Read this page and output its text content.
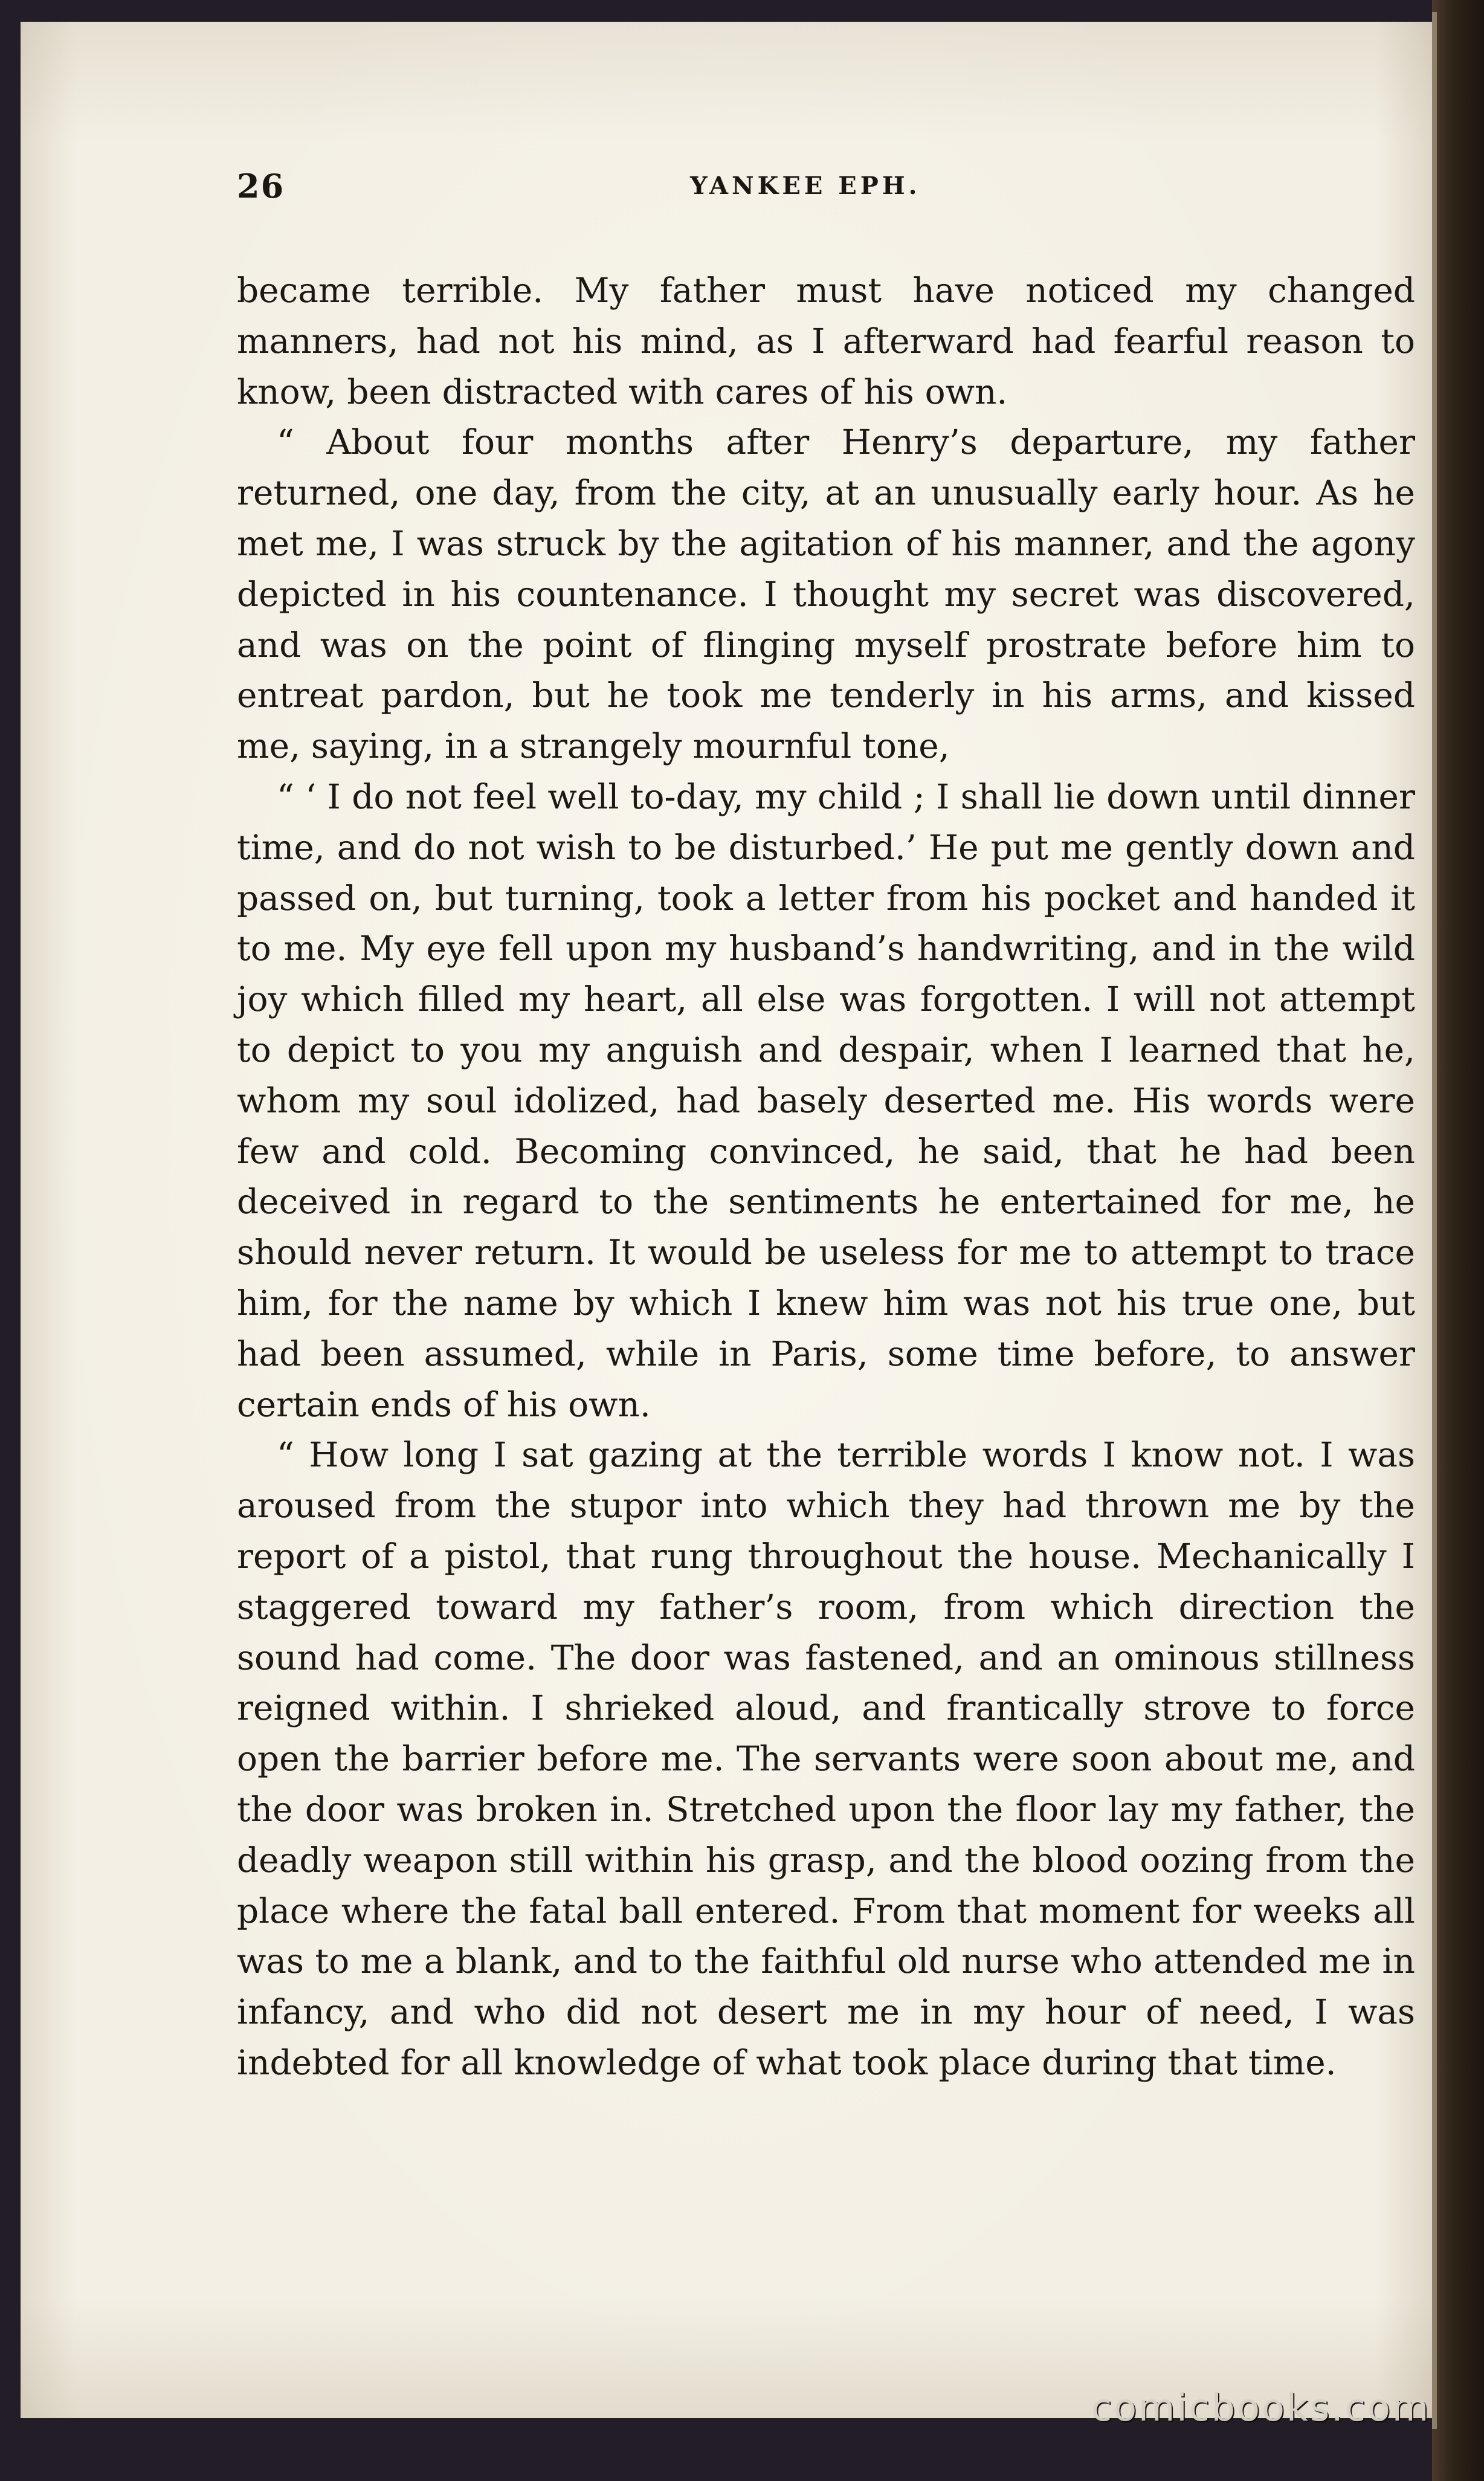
26	YANKEE EPH.

became terrible. My father must have noticed my changed manners, had not his mind, as I afterward had fearful reason to know, been distracted with cares of his own.

“ About four months after Henry’s departure, my father returned, one day, from the city, at an unusually early hour. As he met me, I was struck by the agitation of his manner, and the agony depicted in his countenance. I thought my secret was discovered, and was on the point of flinging myself prostrate before him to entreat pardon, but he took me tenderly in his arms, and kissed me, saying, in a strangely mournful tone,

“ ‘ I do not feel well to-day, my child ; I shall lie down until dinner time, and do not wish to be disturbed.’ He put me gently down and passed on, but turning, took a letter from his pocket and handed it to me. My eye fell upon my husband’s handwriting, and in the wild joy which filled my heart, all else was forgotten. I will not attempt to depict to you my anguish and despair, when I learned that he, whom my soul idolized, had basely deserted me. His words were few and cold. Becoming convinced, he said, that he had been deceived in regard to the sentiments he entertained for me, he should never return. It would be useless for me to attempt to trace him, for the name by which I knew him was not his true one, but had been assumed, while in Paris, some time before, to answer certain ends of his own.

“ How long I sat gazing at the terrible words I know not. I was aroused from the stupor into which they had thrown me by the report of a pistol, that rung throughout the house. Mechanically I staggered toward my father’s room, from which direction the sound had come. The door was fastened, and an ominous stillness reigned within. I shrieked aloud, and frantically strove to force open the barrier before me. The servants were soon about me, and the door was broken in. Stretched upon the floor lay my father, the deadly weapon still within his grasp, and the blood oozing from the place where the fatal ball entered. From that moment for weeks all was to me a blank, and to the faithful old nurse who attended me in infancy, and who did not desert me in my hour of need, I was indebted for all knowledge of what took place during that time.

comicbooks.com
